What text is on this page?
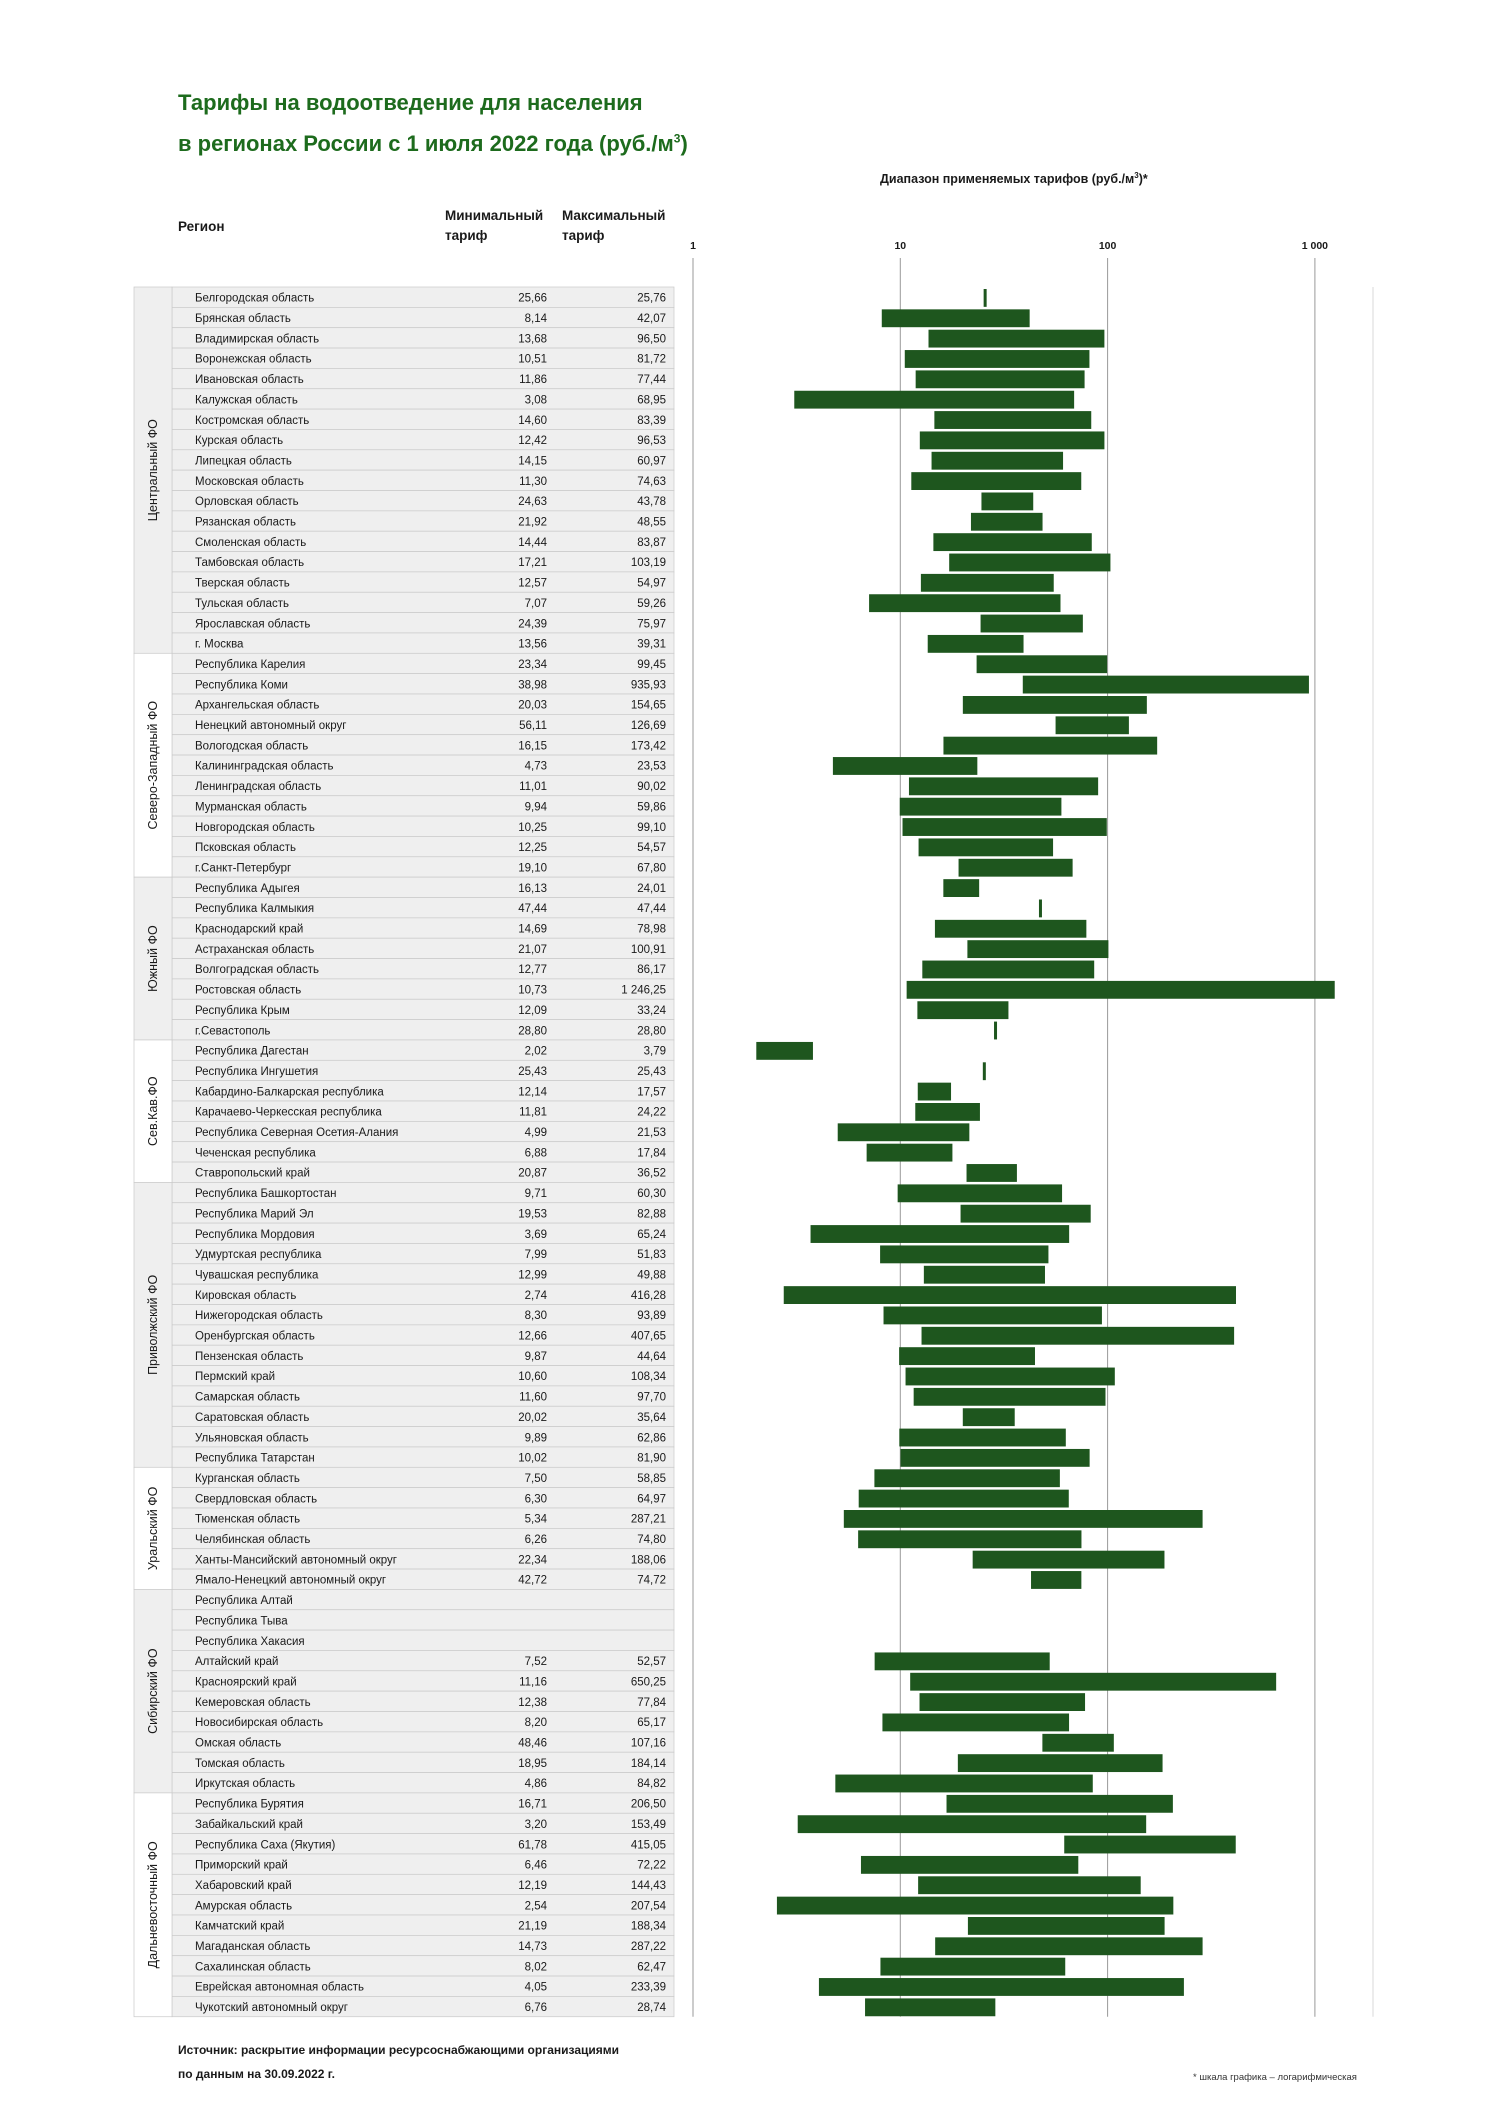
Тарифы на водоотведение для населения
в регионах России с 1 июля 2022 года $(руб./м^3)$
Диапазон применяемых тарифов $(руб./м^3)*$
Регион
Минимальный тариф
Максимальный тариф
1	10	100	1 000
Белгородская область	25,66	25,76
Брянская область	8,14	42,07
Владимирская область	13,68	96,50
Воронежская область	10,51	81,72
Ивановская область	11,86	77,44
Калужская область	3,08	68,95
Костромская область	14,60	83,39
Курская область	12,42	96,53
Липецкая область	14,15	60,97
Московская область	11,30	74,63
Орловская область	24,63	43,78
Рязанская область	21,92	48,55
Смоленская область	14,44	83,87
Тамбовская область	17,21	103,19
Тверская область	12,57	54,97
Тульская область	7,07	59,26
Ярославская область	24,39	75,97
г. Москва	13,56	39,31
Центральный ФО
Республика Карелия	23,34	99,45
Республика Коми	38,98	935,93
Архангельская область	20,03	154,65
Ненецкий автономный округ	56,11	126,69
Вологодская область	16,15	173,42
Калининградская область	4,73	23,53
Ленинградская область	11,01	90,02
Мурманская область	9,94	59,86
Новгородская область	10,25	99,10
Псковская область	12,25	54,57
г.Санкт-Петербург	19,10	67,80
Северо-Западный ФО
Республика Адыгея	16,13	24,01
Республика Калмыкия	47,44	47,44
Краснодарский край	14,69	78,98
Астраханская область	21,07	100,91
Волгоградская область	12,77	86,17
Ростовская область	10,73	1 246,25
Республика Крым	12,09	33,24
г.Севастополь	28,80	28,80
Южный ФО
Республика Дагестан	2,02	3,79
Республика Ингушетия	25,43	25,43
Кабардино-Балкарская республика	12,14	17,57
Карачаево-Черкесская республика	11,81	24,22
Республика Северная Осетия-Алания	4,99	21,53
Чеченская республика	6,88	17,84
Ставропольский край	20,87	36,52
Сев.Кав.ФО
Республика Башкортостан	9,71	60,30
Республика Марий Эл	19,53	82,88
Республика Мордовия	3,69	65,24
Удмуртская республика	7,99	51,83
Чувашская республика	12,99	49,88
Кировская область	2,74	416,28
Нижегородская область	8,30	93,89
Оренбургская область	12,66	407,65
Пензенская область	9,87	44,64
Пермский край	10,60	108,34
Самарская область	11,60	97,70
Саратовская область	20,02	35,64
Ульяновская область	9,89	62,86
Республика Татарстан	10,02	81,90
Приволжский ФО
Курганская область	7,50	58,85
Свердловская область	6,30	64,97
Тюменская область	5,34	287,21
Челябинская область	6,26	74,80
Ханты-Мансийский автономный округ	22,34	188,06
Ямало-Ненецкий автономный округ	42,72	74,72
Уральский ФО
Республика Алтай
Республика Тыва
Республика Хакасия
Алтайский край	7,52	52,57
Красноярский край	11,16	650,25
Кемеровская область	12,38	77,84
Новосибирская область	8,20	65,17
Омская область	48,46	107,16
Томская область	18,95	184,14
Иркутская область	4,86	84,82
Сибирский ФО
Республика Бурятия	16,71	206,50
Забайкальский край	3,20	153,49
Республика Саха (Якутия)	61,78	415,05
Приморский край	6,46	72,22
Хабаровский край	12,19	144,43
Амурская область	2,54	207,54
Камчатский край	21,19	188,34
Магаданская область	14,73	287,22
Сахалинская область	8,02	62,47
Еврейская автономная область	4,05	233,39
Чукотский автономный округ	6,76	28,74
Дальневосточный ФО
Источник: раскрытие информации ресурсоснабжающими организациями
по данным на 30.09.2022 г.	* шкала графика – логарифмическая
